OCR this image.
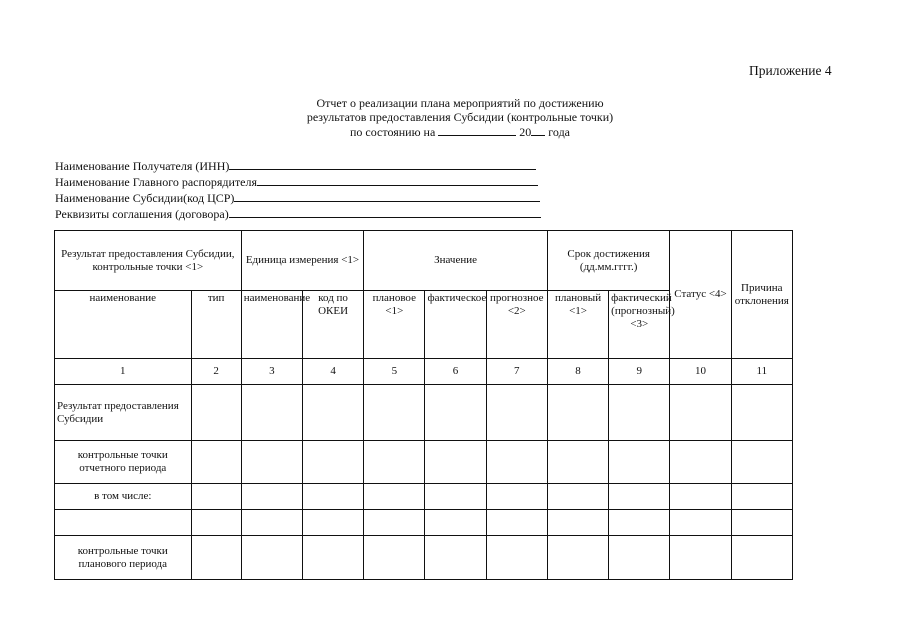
Приложение 4
Отчет о реализации плана мероприятий по достижению
результатов предоставления Субсидии (контрольные точки)
по состоянию на	20 года
Наименование Получателя (ИНН)
Наименование Главного распорядителя
Наименование Субсидии(код ЦСР)
Реквизиты соглашения (договора)
Результат предоставления Субсидии, контрольные точки <1>		Единица измерения <1>		Значение			Срок достижения (дд.мм.гггг.)		Статус <4>	Причина отклонения
наименование	тип	наименование	код по ОКЕИ	плановое <1>	фактическое	прогнозное <2>	плановый <1>	фактический (прогнозный) <3>		
1	2	3	4	5	6	7	8	9	10	11
Результат предоставления Субсидии										
контрольные точки отчетного периода										
в том числе:										

контрольные точки планового периода										
